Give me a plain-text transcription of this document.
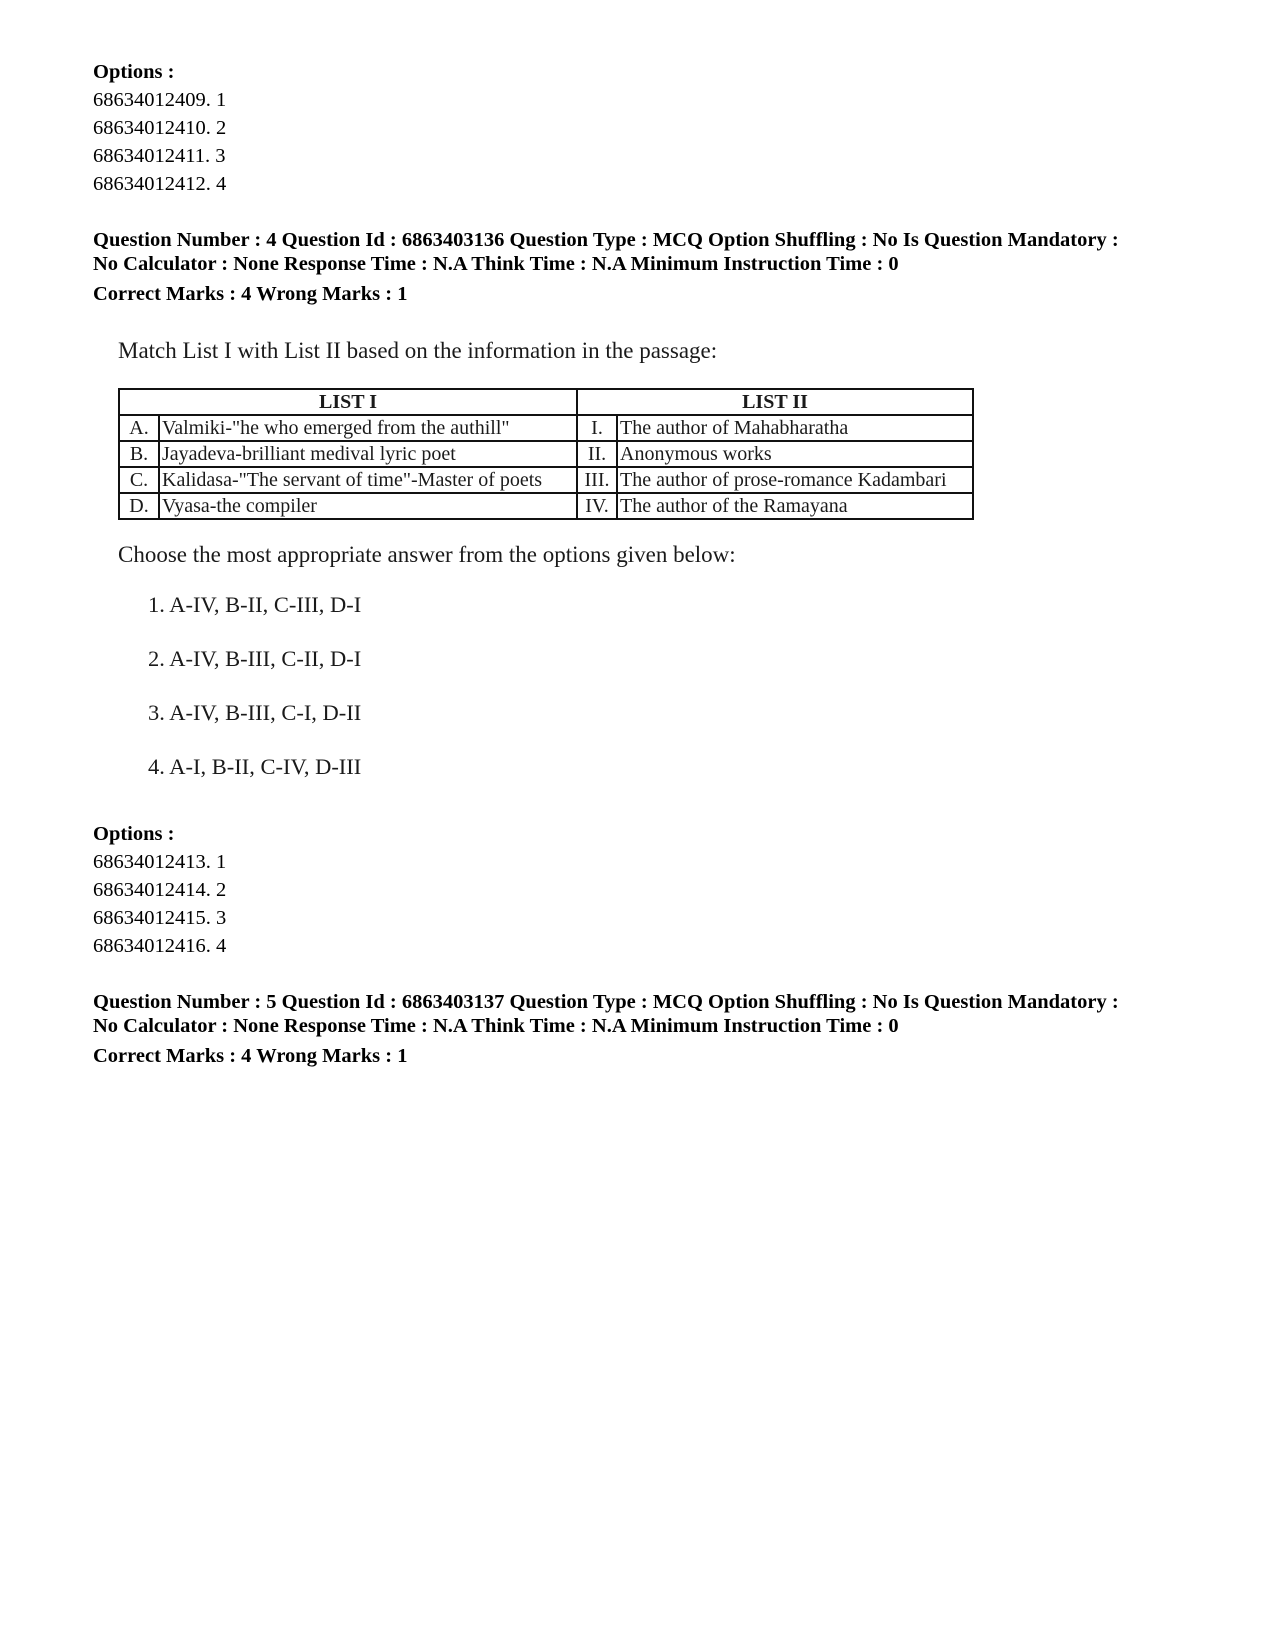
Options :
68634012409. 1
68634012410. 2
68634012411. 3
68634012412. 4
Question Number : 4 Question Id : 6863403136 Question Type : MCQ Option Shuffling : No Is Question Mandatory :
No Calculator : None Response Time : N.A Think Time : N.A Minimum Instruction Time : 0
Correct Marks : 4 Wrong Marks : 1
Match List I with List II based on the information in the passage:
LIST I		LIST II	
A.	Valmiki-"he who emerged from the authill"	I.	The author of Mahabharatha
B.	Jayadeva-brilliant medival lyric poet	II.	Anonymous works
C.	Kalidasa-"The servant of time"-Master of poets	III.	The author of prose-romance Kadambari
D.	Vyasa-the compiler	IV.	The author of the Ramayana
Choose the most appropriate answer from the options given below:
1. A-IV, B-II, C-III, D-I
2. A-IV, B-III, C-II, D-I
3. A-IV, B-III, C-I, D-II
4. A-I, B-II, C-IV, D-III
Options :
68634012413. 1
68634012414. 2
68634012415. 3
68634012416. 4
Question Number : 5 Question Id : 6863403137 Question Type : MCQ Option Shuffling : No Is Question Mandatory :
No Calculator : None Response Time : N.A Think Time : N.A Minimum Instruction Time : 0
Correct Marks : 4 Wrong Marks : 1
